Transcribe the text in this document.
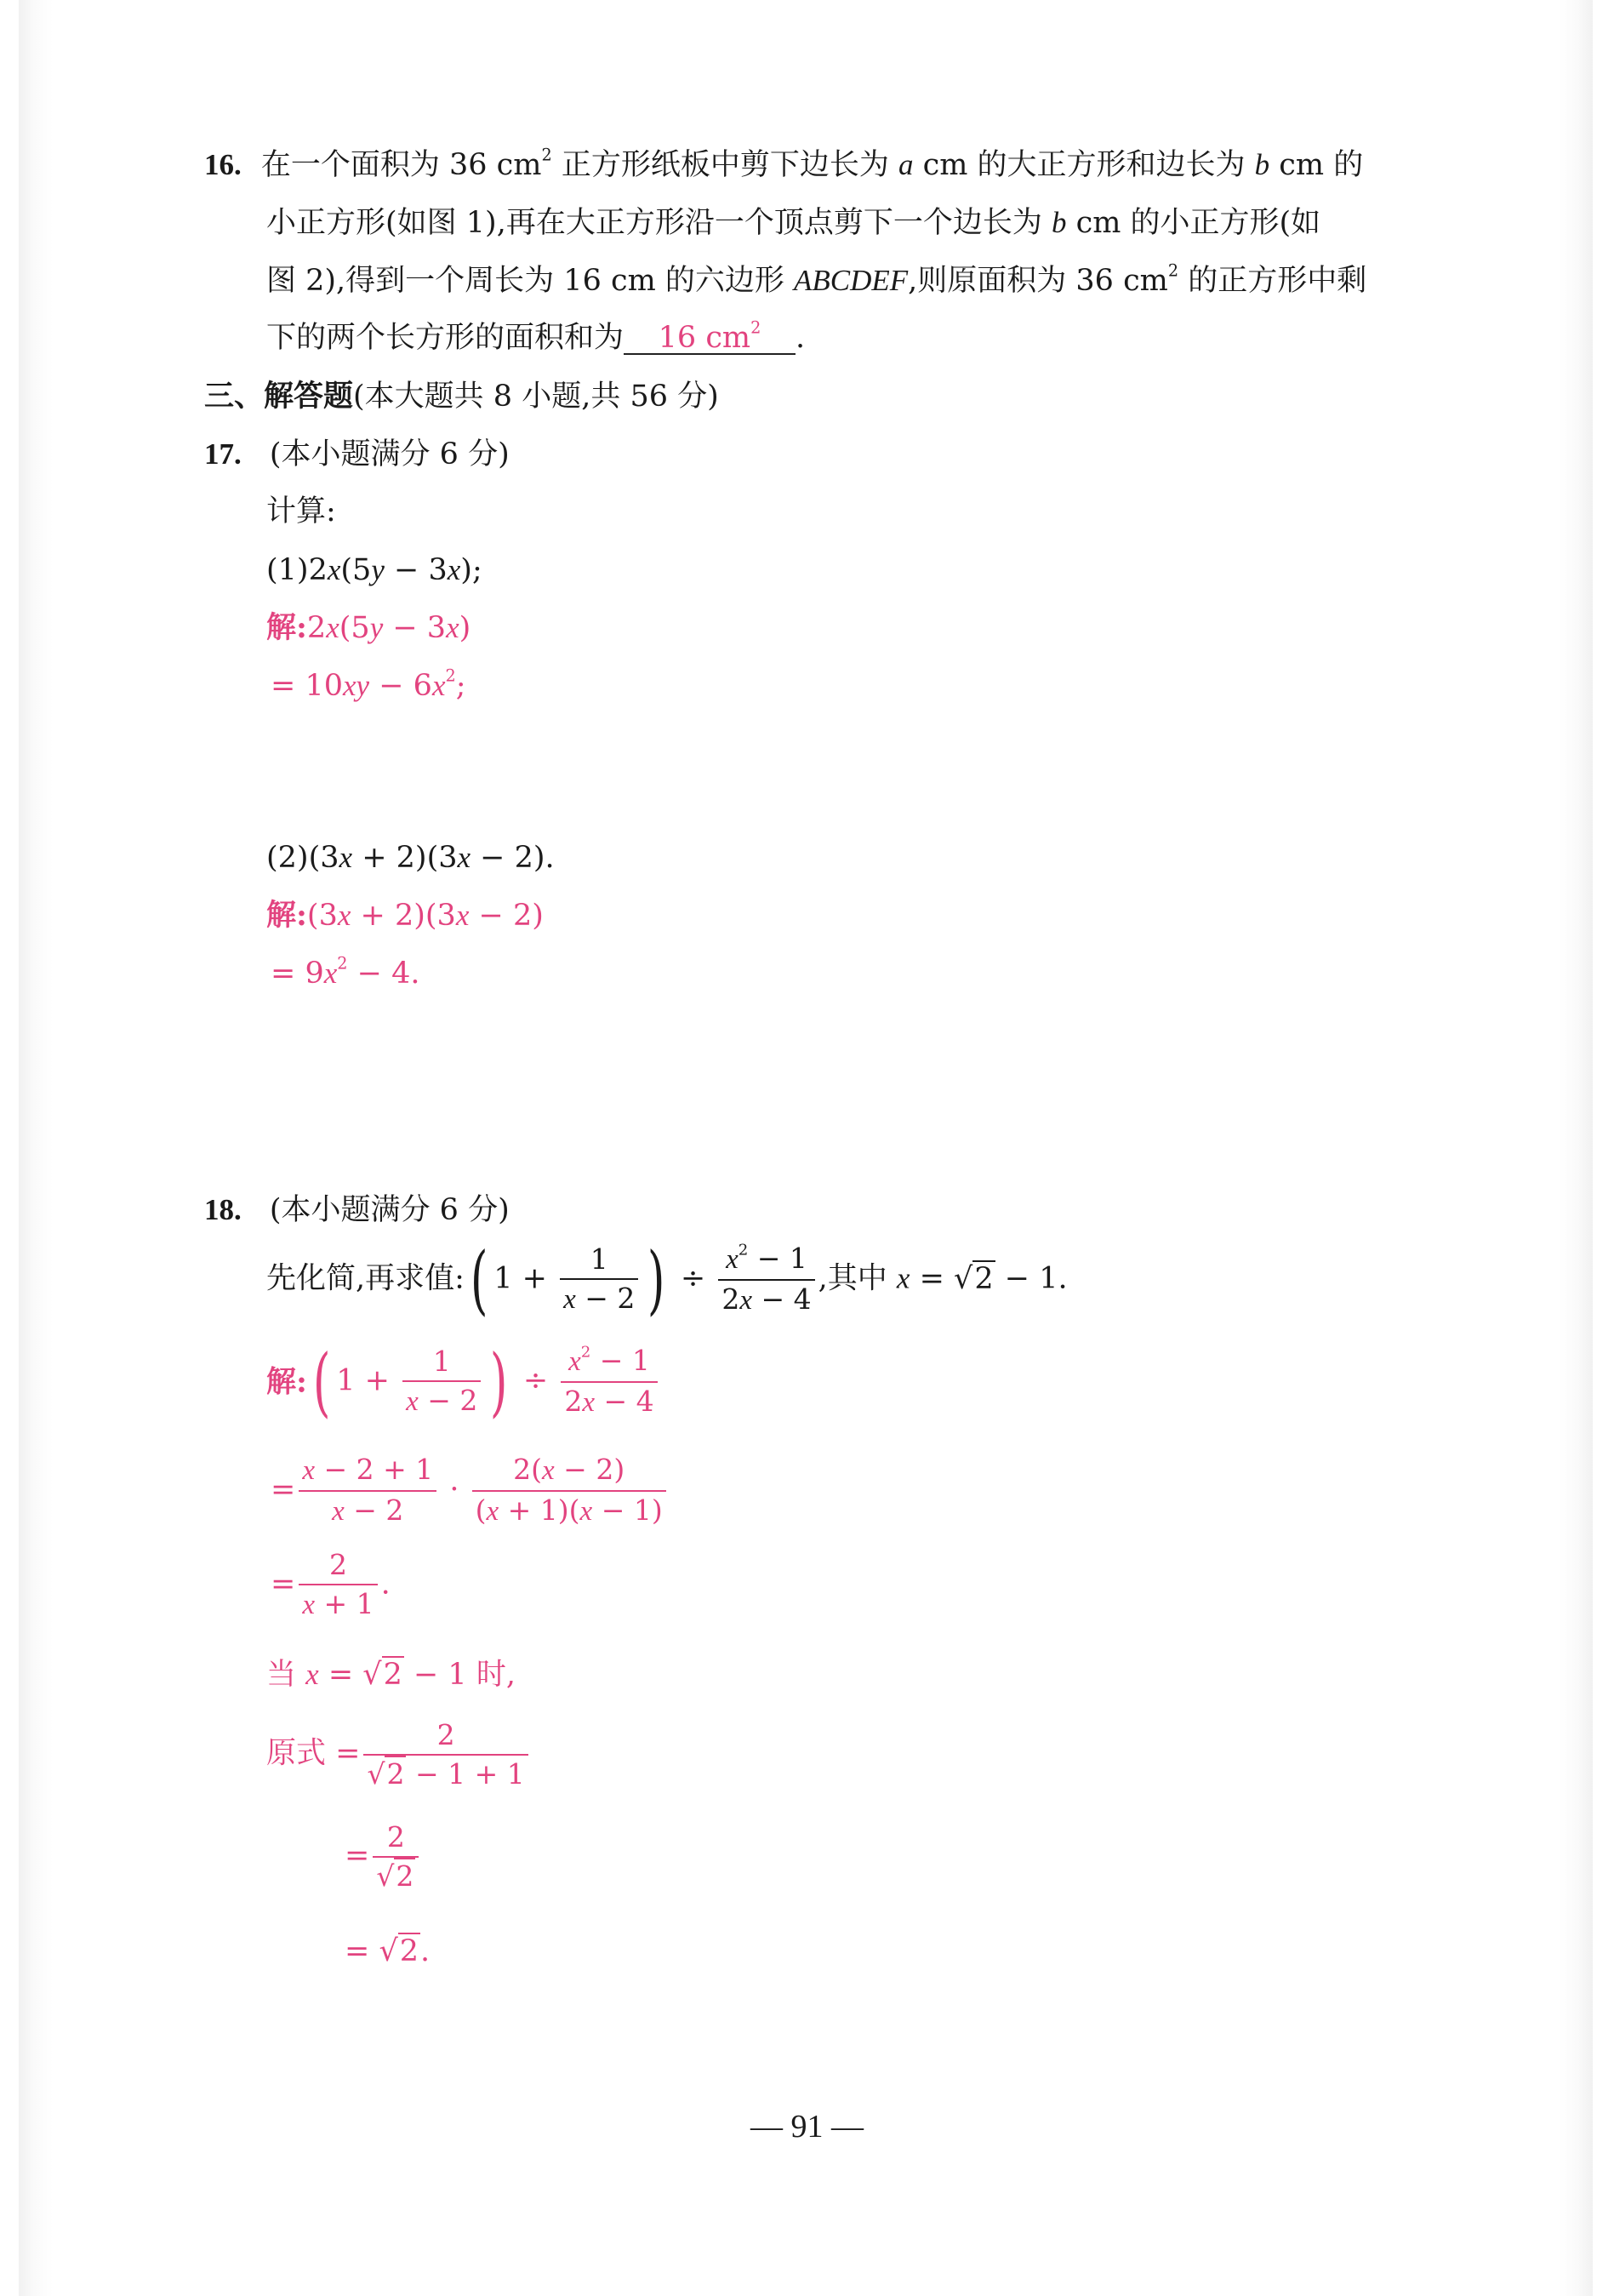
16. 在一个面积为 36 $cm^2$ 正方形纸板中剪下边长为 a cm 的大正方形和边长为 b cm 的
小正方形(如图 1),再在大正方形沿一个顶点剪下一个边长为 b cm 的小正方形(如
图 2),得到一个周长为 16 cm 的六边形 ABCDEF,则原面积为 36 $cm^2$ 的正方形中剩
下的两个长方形的面积和为 16 $cm^2$ .
三、解答题(本大题共 8 小题,共 56 分)
17. (本小题满分 6 分)
计算:
(1)2x(5y − 3x);
解:2x(5y − 3x)
= $10xy - 6x^2$;
(2)(3x + 2)(3x − 2).
解:(3x + 2)(3x − 2)
= $9x^2 - 4$.
18. (本小题满分 6 分)
先化简,再求值:( $1 + \frac{1}{x - 2}$ ) ÷ $\frac{x^2 - 1}{2x - 4}$ ,其中 x = √2 − 1.
解:( $1 + \frac{1}{x - 2}$ ) ÷ $\frac{x^2 - 1}{2x - 4}$
= $\frac{x - 2 + 1}{x - 2} \cdot \frac{2(x - 2)}{(x + 1)(x - 1)}$
= $\frac{2}{x + 1}$ .
当 x = √2 − 1 时,
原式 = $\frac{2}{√2 - 1 + 1}$
= $\frac{2}{√2}$
= √2.
— 91 —
